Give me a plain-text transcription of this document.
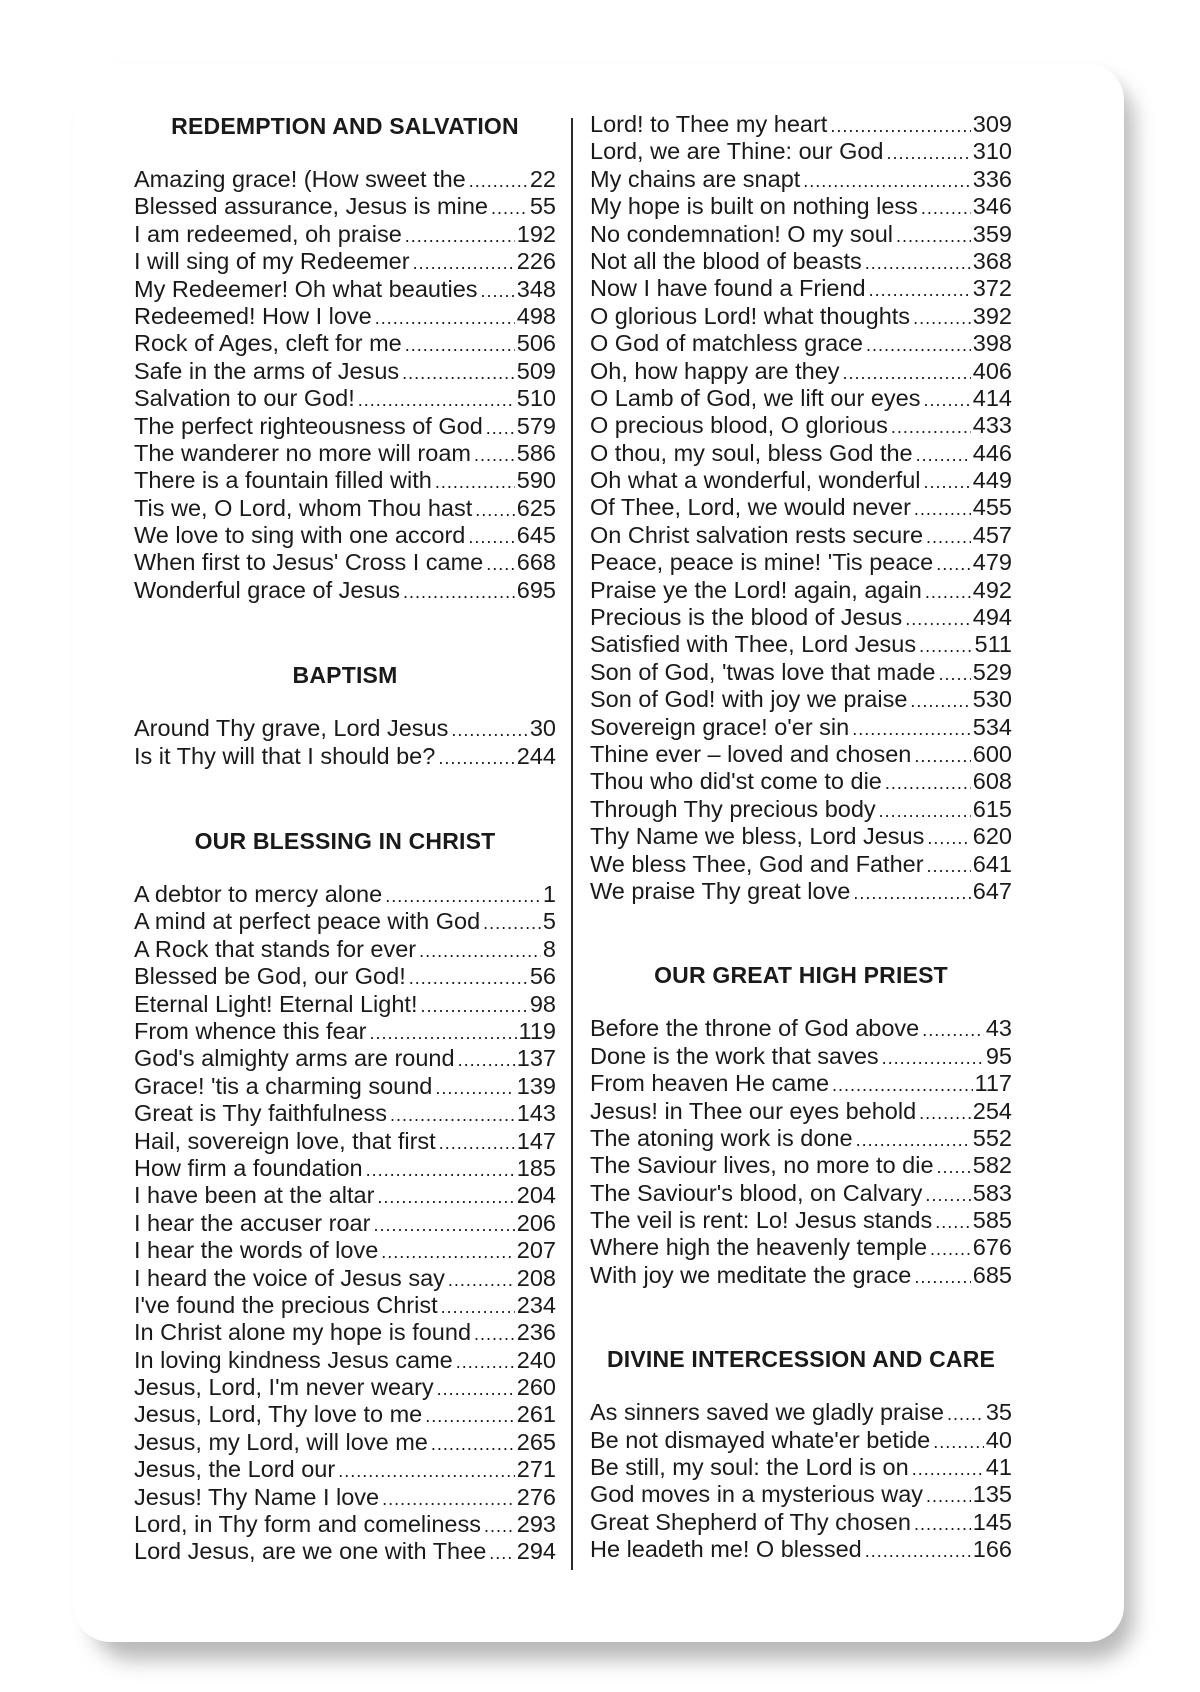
REDEMPTION AND SALVATION
Amazing grace! (How sweet the .....	22
Blessed assurance, Jesus is mine ..... 55
I am redeemed, oh praise .....	192
I will sing of my Redeemer .....	226
My Redeemer! Oh what beauties ..... 348
Redeemed! How I love .....	498
Rock of Ages, cleft for me .....	506
Safe in the arms of Jesus .....	509
Salvation to our God! .....	510
The perfect righteousness of God ..... 579
The wanderer no more will roam ..... 586
There is a fountain filled with .....	590
Tis we, O Lord, whom Thou hast ..... 625
We love to sing with one accord ..... 645
When first to Jesus' Cross I came ..... 668
Wonderful grace of Jesus .....	695
BAPTISM
Around Thy grave, Lord Jesus .....	30
Is it Thy will that I should be? .....	244
OUR BLESSING IN CHRIST
A debtor to mercy alone .....	1
A mind at perfect peace with God .....	5
A Rock that stands for ever .....	8
Blessed be God, our God! .....	56
Eternal Light! Eternal Light! .....	98
From whence this fear .....	119
God's almighty arms are round .....	137
Grace! 'tis a charming sound .....	139
Great is Thy faithfulness .....	143
Hail, sovereign love, that first .....	147
How firm a foundation .....	185
I have been at the altar .....	204
I hear the accuser roar .....	206
I hear the words of love .....	207
I heard the voice of Jesus say .....	208
I've found the precious Christ .....	234
In Christ alone my hope is found ..... 236
In loving kindness Jesus came .....	240
Jesus, Lord, I'm never weary .....	260
Jesus, Lord, Thy love to me .....	261
Jesus, my Lord, will love me .....	265
Jesus, the Lord our .....	271
Jesus! Thy Name I love .....	276
Lord, in Thy form and comeliness ..... 293
Lord Jesus, are we one with Thee ..... 294
Lord! to Thee my heart .....	309
Lord, we are Thine: our God .....	310
My chains are snapt .....	336
My hope is built on nothing less ..... 346
No condemnation! O my soul .....	359
Not all the blood of beasts .....	368
Now I have found a Friend .....	372
O glorious Lord! what thoughts .....	392
O God of matchless grace .....	398
Oh, how happy are they .....	406
O Lamb of God, we lift our eyes ..... 414
O precious blood, O glorious .....	433
O thou, my soul, bless God the .....	446
Oh what a wonderful, wonderful ..... 449
Of Thee, Lord, we would never .....	455
On Christ salvation rests secure ..... 457
Peace, peace is mine! 'Tis peace ..... 479
Praise ye the Lord! again, again ..... 492
Precious is the blood of Jesus .....	494
Satisfied with Thee, Lord Jesus ..... 511
Son of God, 'twas love that made ..... 529
Son of God! with joy we praise .....	530
Sovereign grace! o'er sin .....	534
Thine ever – loved and chosen .....	600
Thou who did'st come to die .....	608
Through Thy precious body .....	615
Thy Name we bless, Lord Jesus ..... 620
We bless Thee, God and Father ..... 641
We praise Thy great love .....	647
OUR GREAT HIGH PRIEST
Before the throne of God above .....	43
Done is the work that saves .....	95
From heaven He came .....	117
Jesus! in Thee our eyes behold ..... 254
The atoning work is done .....	552
The Saviour lives, no more to die ..... 582
The Saviour's blood, on Calvary ..... 583
The veil is rent: Lo! Jesus stands ..... 585
Where high the heavenly temple ..... 676
With joy we meditate the grace .....	685
DIVINE INTERCESSION AND CARE
As sinners saved we gladly praise ..... 35
Be not dismayed whate'er betide ..... 40
Be still, my soul: the Lord is on .....	41
God moves in a mysterious way ..... 135
Great Shepherd of Thy chosen .....	145
He leadeth me! O blessed .....	166
